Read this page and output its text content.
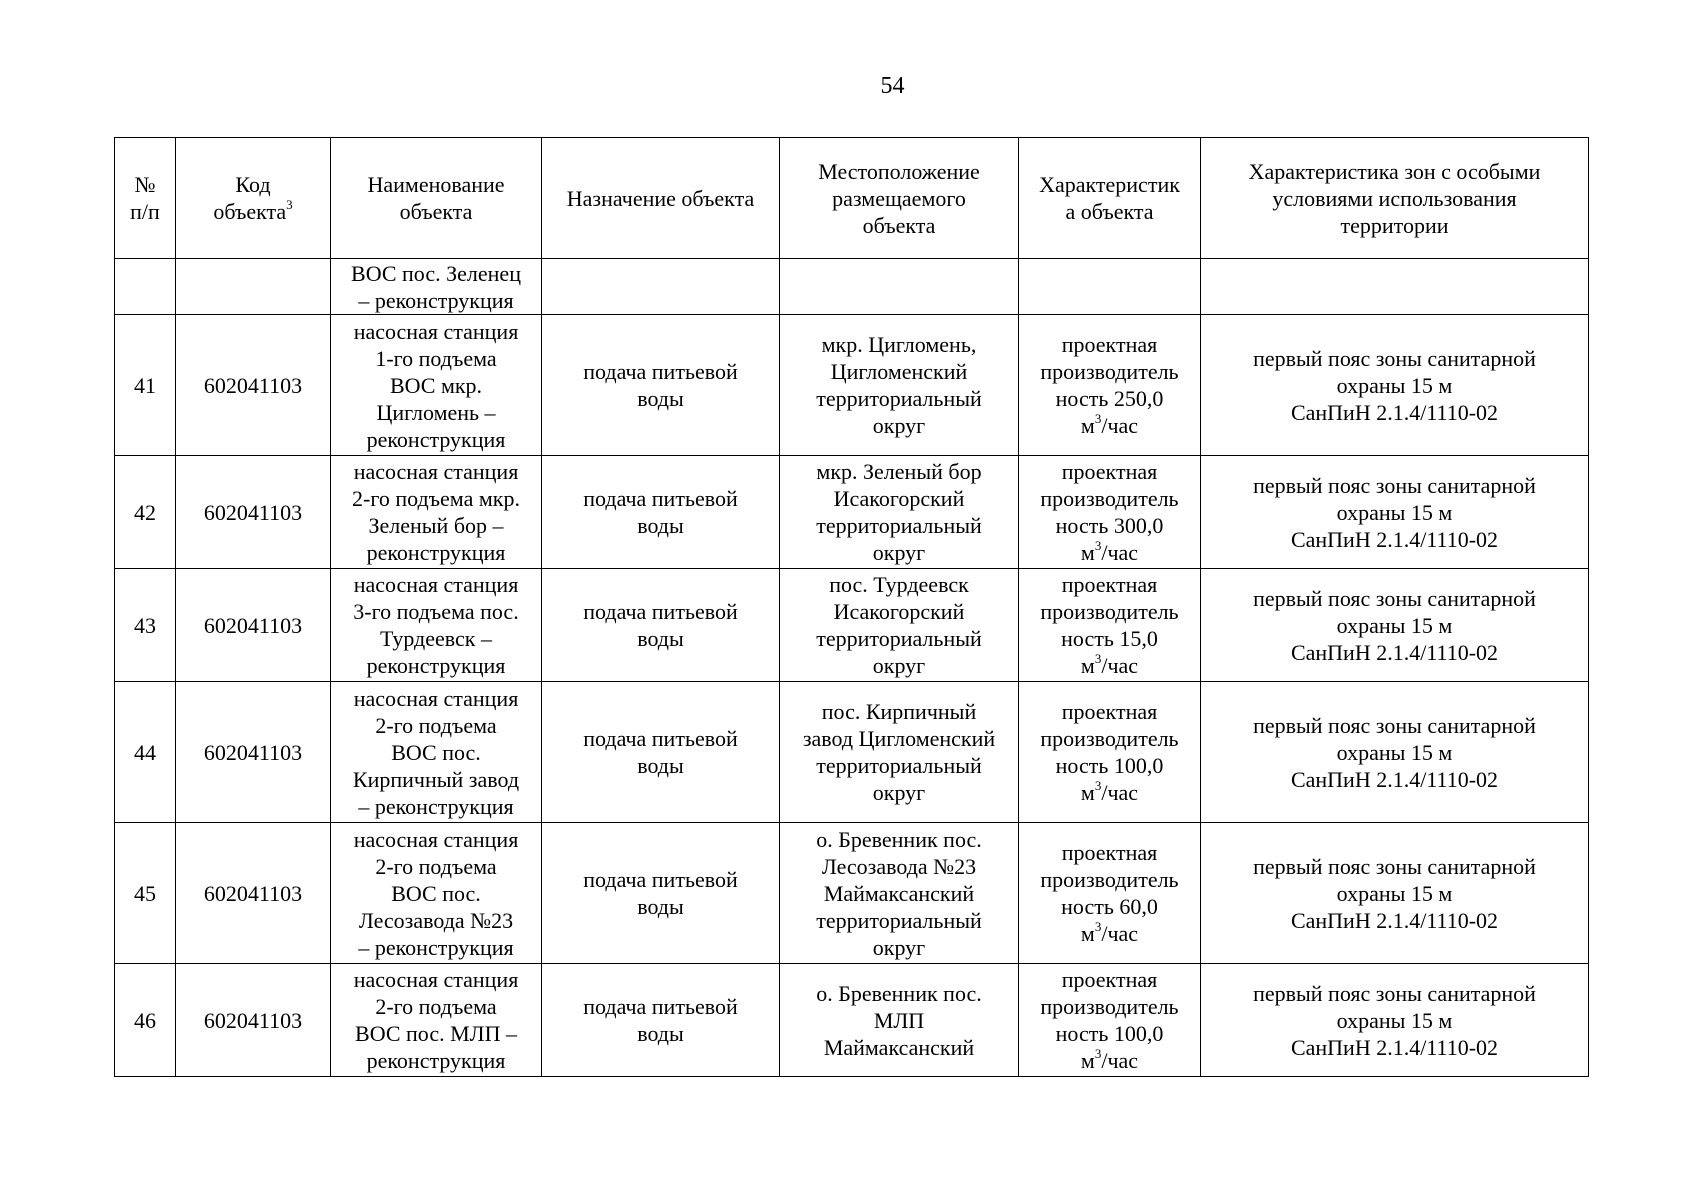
54
№
п/п	Код
объекта$^3$	Наименование
объекта	Назначение объекта	Местоположение
размещаемого
объекта	Характеристик
а объекта	Характеристика зон с особыми
условиями использования
территории

		ВОС пос. Зеленец
– реконструкция				

41	602041103	насосная станция
1-го подъема
ВОС мкр.
Цигломень –
реконструкция	подача питьевой
воды	мкр. Цигломень,
Цигломенский
территориальный
округ	проектная
производитель
ность 250,0
$м^3$/час	первый пояс зоны санитарной
охраны 15 м
СанПиН 2.1.4/1110-02

42	602041103	насосная станция
2-го подъема мкр.
Зеленый бор –
реконструкция	подача питьевой
воды	мкр. Зеленый бор
Исакогорский
территориальный
округ	проектная
производитель
ность 300,0
$м^3$/час	первый пояс зоны санитарной
охраны 15 м
СанПиН 2.1.4/1110-02

43	602041103	насосная станция
3-го подъема пос.
Турдеевск –
реконструкция	подача питьевой
воды	пос. Турдеевск
Исакогорский
территориальный
округ	проектная
производитель
ность 15,0
$м^3$/час	первый пояс зоны санитарной
охраны 15 м
СанПиН 2.1.4/1110-02

44	602041103	насосная станция
2-го подъема
ВОС пос.
Кирпичный завод
– реконструкция	подача питьевой
воды	пос. Кирпичный
завод Цигломенский
территориальный
округ	проектная
производитель
ность 100,0
$м^3$/час	первый пояс зоны санитарной
охраны 15 м
СанПиН 2.1.4/1110-02

45	602041103	насосная станция
2-го подъема
ВОС пос.
Лесозавода №23
– реконструкция	подача питьевой
воды	о. Бревенник пос.
Лесозавода №23
Маймаксанский
территориальный
округ	проектная
производитель
ность 60,0
$м^3$/час	первый пояс зоны санитарной
охраны 15 м
СанПиН 2.1.4/1110-02

46	602041103	насосная станция
2-го подъема
ВОС пос. МЛП –
реконструкция	подача питьевой
воды	о. Бревенник пос.
МЛП
Маймаксанский	проектная
производитель
ность 100,0
$м^3$/час	первый пояс зоны санитарной
охраны 15 м
СанПиН 2.1.4/1110-02
